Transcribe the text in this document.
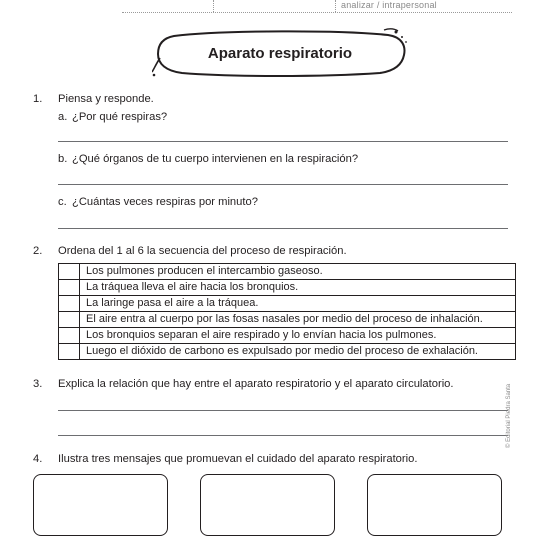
analizar / intrapersonal
Aparato respiratorio
1. Piensa y responde.
a. ¿Por qué respiras?
b. ¿Qué órganos de tu cuerpo intervienen en la respiración?
c. ¿Cuántas veces respiras por minuto?
2. Ordena del 1 al 6 la secuencia del proceso de respiración.
	Los pulmones producen el intercambio gaseoso.
	La tráquea lleva el aire hacia los bronquios.
	La laringe pasa el aire a la tráquea.
	El aire entra al cuerpo por las fosas nasales por medio del proceso de inhalación.
	Los bronquios separan el aire respirado y lo envían hacia los pulmones.
	Luego el dióxido de carbono es expulsado por medio del proceso de exhalación.
3. Explica la relación que hay entre el aparato respiratorio y el aparato circulatorio.
4. Ilustra tres mensajes que promuevan el cuidado del aparato respiratorio.
© Editorial Piedra Santa
